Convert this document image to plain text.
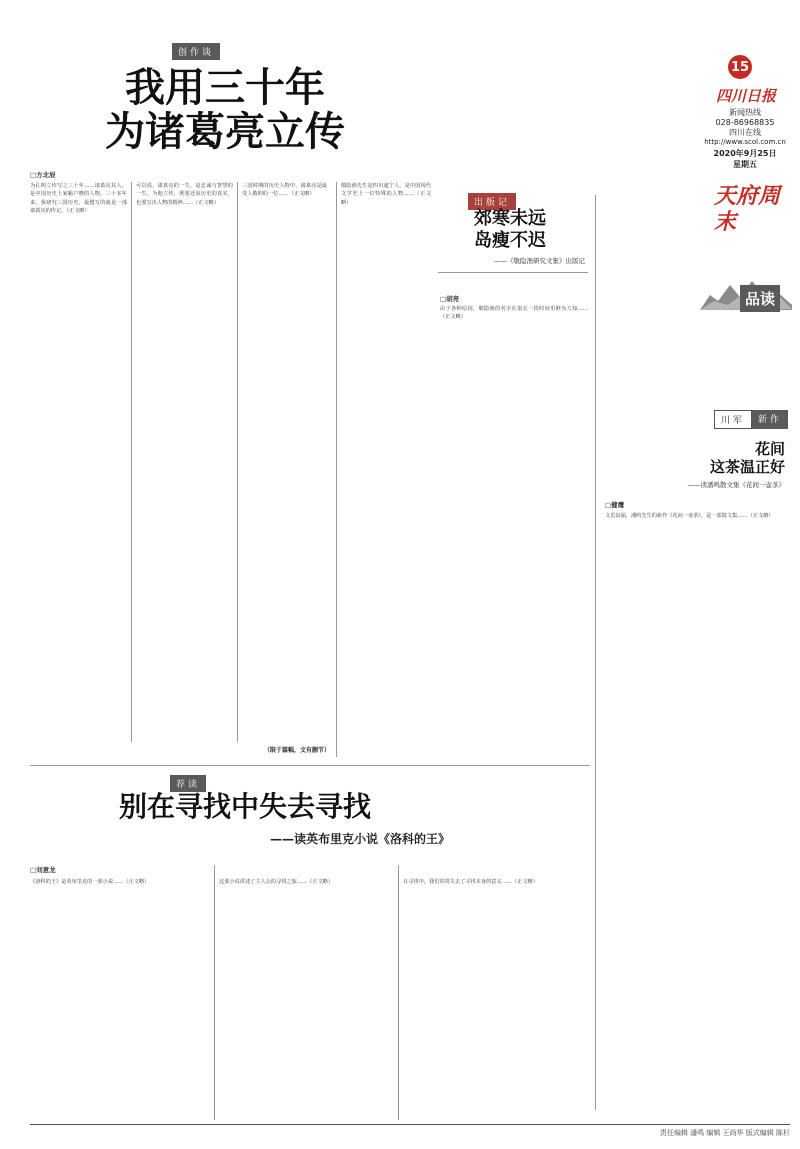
15
四川日报
新闻热线
028-86968835
四川在线
http://www.scol.com.cn
2020年9月25日
星期五
天府周末
品读
创作谈
我用三十年
为诸葛亮立传
□方北辰
为孔明立传写之三十年……诸葛亮其人，是中国历史上家喻户晓的人物。三十多年来，我研究三国历史，最想写的就是一部诸葛亮的传记。（正文略）
可以说，诸葛亮的一生，是忠诚与智慧的一生。为他立传，既要还原历史的真实，也要写出人物的精神……（正文略）
三国时期的历史人物中，诸葛亮是最受人敬仰的一位……（正文略）
（限于篇幅，文有删节）
敬隐渔先生是四川遂宁人，是中国现代文学史上一位特殊的人物……（正文略）	出版记
郊寒未远
岛瘦不迟
——《敬隐渔研究文集》出版记
□胡亮
由于各种原因，敬隐渔的名字在很长一段时间里鲜为人知……（正文略）
川军	新作
花间
这茶温正好
——读潘鸣散文集《花间一壶茶》
□健鹰
文思泉涌，潘鸣先生的新作《花间一壶茶》，是一部散文集……（正文略）
荐读
别在寻找中失去寻找
——读英布里克小说《洛科的王》
□刘意龙
《洛科的王》是英布里克的一部小说……（正文略）	这部小说讲述了主人公的寻找之旅……（正文略）	在寻找中，我们常常失去了寻找本身的意义……（正文略）
责任编辑 潘鸣 编辑 王尚华 版式编辑 陈杉
